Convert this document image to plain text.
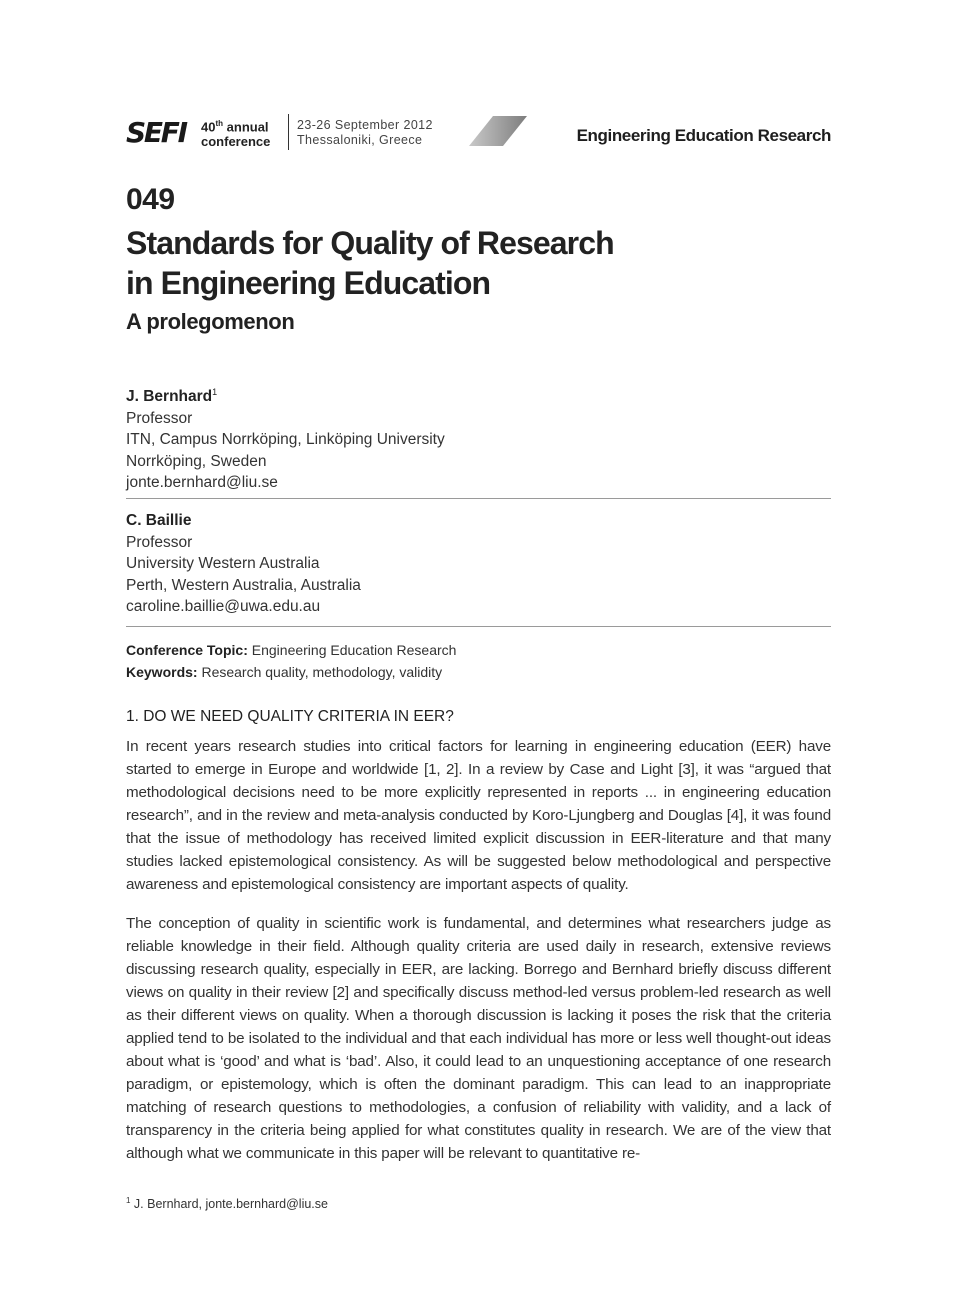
SEFI 40th annual
conference
23-26 September 2012
Thessaloniki, Greece	Engineering Education Research
049
Standards for Quality of Research
in Engineering Education
A prolegomenon
J. Bernhard$^1$
Professor
ITN, Campus Norrköping, Linköping University
Norrköping, Sweden
jonte.bernhard@liu.se
C. Baillie
Professor
University Western Australia
Perth, Western Australia, Australia
caroline.baillie@uwa.edu.au
Conference Topic: Engineering Education Research
Keywords: Research quality, methodology, validity
1. DO WE NEED QUALITY CRITERIA IN EER?

In recent years research studies into critical factors for learning in engineering education (EER) have started to emerge in Europe and worldwide [1, 2]. In a review by Case and Light [3], it was “argued that methodological decisions need to be more explicitly represented in reports ... in engineering education research”, and in the review and meta-analysis conducted by Koro-Ljungberg and Douglas [4], it was found that the issue of methodology has received limited explicit discussion in EER-literature and that many studies lacked epistemological consistency. As will be suggested below methodological and perspective awareness and epistemological consistency are important aspects of quality.

The conception of quality in scientific work is fundamental, and determines what researchers judge as reliable knowledge in their field. Although quality criteria are used daily in research, extensive reviews discussing research quality, especially in EER, are lacking. Borrego and Bernhard briefly discuss different views on quality in their review [2] and specifically discuss method-led versus problem-led research as well as their different views on quality. When a thorough discussion is lacking it poses the risk that the criteria applied tend to be isolated to the individual and that each individual has more or less well thought-out ideas about what is ‘good’ and what is ‘bad’. Also, it could lead to an unquestioning acceptance of one research paradigm, or epistemology, which is often the dominant paradigm. This can lead to an inappropriate matching of research questions to methodologies, a confusion of reliability with validity, and a lack of transparency in the criteria being applied for what constitutes quality in research. We are of the view that although what we communicate in this paper will be relevant to quantitative re-

$^1$ J. Bernhard, jonte.bernhard@liu.se
